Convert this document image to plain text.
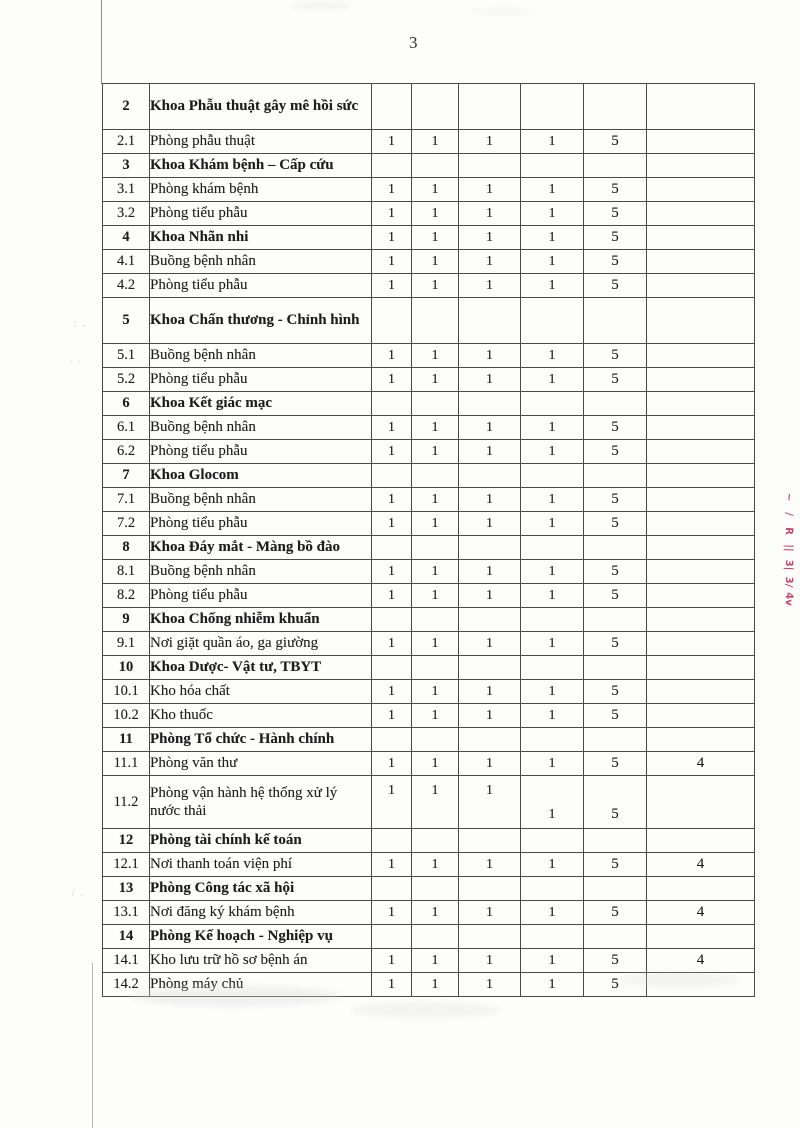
3
2	Khoa Phẫu thuật gây mê hồi sức						
2.1	Phòng phẫu thuật	1	1	1	1	5	
3	Khoa Khám bệnh – Cấp cứu						
3.1	Phòng khám bệnh	1	1	1	1	5	
3.2	Phòng tiểu phẫu	1	1	1	1	5	
4	Khoa Nhãn nhi	1	1	1	1	5	
4.1	Buồng bệnh nhân	1	1	1	1	5	
4.2	Phòng tiểu phẫu	1	1	1	1	5	
5	Khoa Chấn thương - Chỉnh hình						
5.1	Buồng bệnh nhân	1	1	1	1	5	
5.2	Phòng tiểu phẫu	1	1	1	1	5	
6	Khoa Kết giác mạc						
6.1	Buồng bệnh nhân	1	1	1	1	5	
6.2	Phòng tiểu phẫu	1	1	1	1	5	
7	Khoa Glocom						
7.1	Buồng bệnh nhân	1	1	1	1	5	
7.2	Phòng tiểu phẫu	1	1	1	1	5	
8	Khoa Đáy mắt - Màng bồ đào						
8.1	Buồng bệnh nhân	1	1	1	1	5	
8.2	Phòng tiểu phẫu	1	1	1	1	5	
9	Khoa Chống nhiễm khuẩn						
9.1	Nơi giặt quần áo, ga giường	1	1	1	1	5	
10	Khoa Dược- Vật tư, TBYT						
10.1	Kho hóa chất	1	1	1	1	5	
10.2	Kho thuốc	1	1	1	1	5	
11	Phòng Tổ chức - Hành chính						
11.1	Phòng văn thư	1	1	1	1	5	4
11.2	Phòng vận hành hệ thống xử lý nước thải	1	1	1	1	5	
12	Phòng tài chính kế toán						
12.1	Nơi thanh toán viện phí	1	1	1	1	5	4
13	Phòng Công tác xã hội						
13.1	Nơi đăng ký khám bệnh	1	1	1	1	5	4
14	Phòng Kế hoạch - Nghiệp vụ						
14.1	Kho lưu trữ hồ sơ bệnh án	1	1	1	1	5	4
14.2	Phòng máy chủ	1	1	1	1	5	
~
/
R
||
3|
3/
4v
: .
. .
/ .
